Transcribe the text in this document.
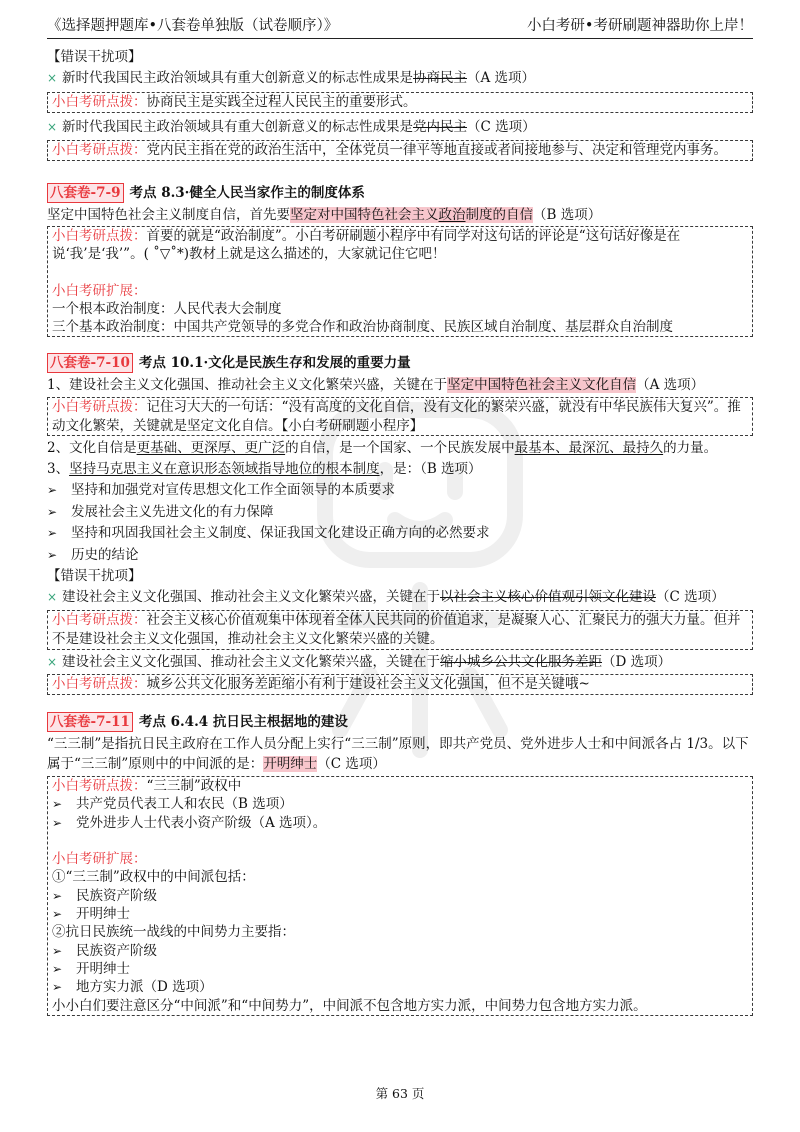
《选择题押题库•八套卷单独版（试卷顺序）》	小白考研•考研刷题神器助你上岸！
【错误干扰项】
× 新时代我国民主政治领域具有重大创新意义的标志性成果是协商民主（A 选项）
小白考研点拨：协商民主是实践全过程人民民主的重要形式。
× 新时代我国民主政治领域具有重大创新意义的标志性成果是党内民主（C 选项）
小白考研点拨：党内民主指在党的政治生活中，全体党员一律平等地直接或者间接地参与、决定和管理党内事务。
八套卷-7-9 考点 8.3·健全人民当家作主的制度体系
坚定中国特色社会主义制度自信，首先要坚定对中国特色社会主义政治制度的自信（B 选项）
小白考研点拨：首要的就是“政治制度”。小白考研刷题小程序中有同学对这句话的评论是“这句话好像是在说‘我’是‘我’”。( ˚▽˚*)教材上就是这么描述的，大家就记住它吧！
小白考研扩展：
一个根本政治制度：人民代表大会制度
三个基本政治制度：中国共产党领导的多党合作和政治协商制度、民族区域自治制度、基层群众自治制度
八套卷-7-10 考点 10.1·文化是民族生存和发展的重要力量
1、建设社会主义文化强国、推动社会主义文化繁荣兴盛，关键在于坚定中国特色社会主义文化自信（A 选项）
小白考研点拨：记住习大大的一句话：“没有高度的文化自信，没有文化的繁荣兴盛，就没有中华民族伟大复兴”。推动文化繁荣，关键就是坚定文化自信。【小白考研刷题小程序】
2、文化自信是更基础、更深厚、更广泛的自信，是一个国家、一个民族发展中最基本、最深沉、最持久的力量。
3、坚持马克思主义在意识形态领域指导地位的根本制度，是：（B 选项）
➢ 坚持和加强党对宣传思想文化工作全面领导的本质要求
➢ 发展社会主义先进文化的有力保障
➢ 坚持和巩固我国社会主义制度、保证我国文化建设正确方向的必然要求
➢ 历史的结论
【错误干扰项】
× 建设社会主义文化强国、推动社会主义文化繁荣兴盛，关键在于以社会主义核心价值观引领文化建设（C 选项）
小白考研点拨：社会主义核心价值观集中体现着全体人民共同的价值追求，是凝聚人心、汇聚民力的强大力量。但并不是建设社会主义文化强国，推动社会主义文化繁荣兴盛的关键。
× 建设社会主义文化强国、推动社会主义文化繁荣兴盛，关键在于缩小城乡公共文化服务差距（D 选项）
小白考研点拨：城乡公共文化服务差距缩小有利于建设社会主义文化强国，但不是关键哦~
八套卷-7-11 考点 6.4.4 抗日民主根据地的建设
“三三制”是指抗日民主政府在工作人员分配上实行“三三制”原则，即共产党员、党外进步人士和中间派各占 1/3。以下属于“三三制”原则中的中间派的是：开明绅士（C 选项）
小白考研点拨：“三三制”政权中
➢ 共产党员代表工人和农民（B 选项）
➢ 党外进步人士代表小资产阶级（A 选项）。
小白考研扩展：
①“三三制”政权中的中间派包括：
➢ 民族资产阶级
➢ 开明绅士
②抗日民族统一战线的中间势力主要指：
➢ 民族资产阶级
➢ 开明绅士
➢ 地方实力派（D 选项）
小小白们要注意区分“中间派”和“中间势力”，中间派不包含地方实力派，中间势力包含地方实力派。
第 63 页
